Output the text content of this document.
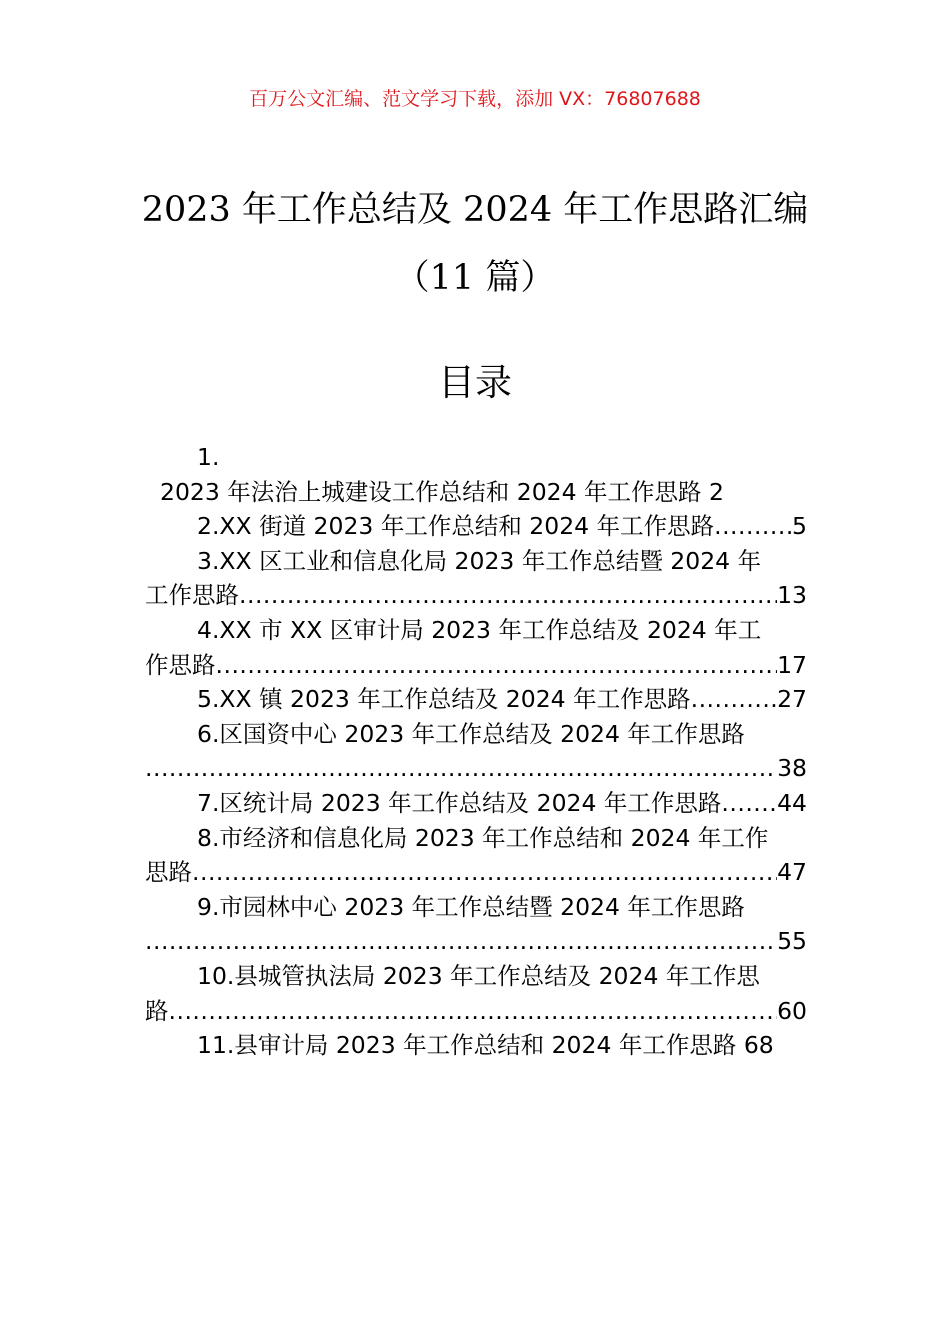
百万公文汇编、范文学习下载，添加 VX：76807688
2023 年工作总结及 2024 年工作思路汇编
（11 篇）
目录
1.
2023 年法治上城建设工作总结和 2024 年工作思路 2
2.XX 街道 2023 年工作总结和 2024 年工作思路 .....	5
3.XX 区工业和信息化局 2023 年工作总结暨 2024 年
工作思路 .....	13
4.XX 市 XX 区审计局 2023 年工作总结及 2024 年工
作思路 .....	17
5.XX 镇 2023 年工作总结及 2024 年工作思路 .....	27
6.区国资中心 2023 年工作总结及 2024 年工作思路
.....
38
7.区统计局 2023 年工作总结及 2024 年工作思路 ..... 44
8.市经济和信息化局 2023 年工作总结和 2024 年工作
思路 .....	47
9.市园林中心 2023 年工作总结暨 2024 年工作思路
.....
55
10.县城管执法局 2023 年工作总结及 2024 年工作思
路 .....	60
11.县审计局 2023 年工作总结和 2024 年工作思路 68
